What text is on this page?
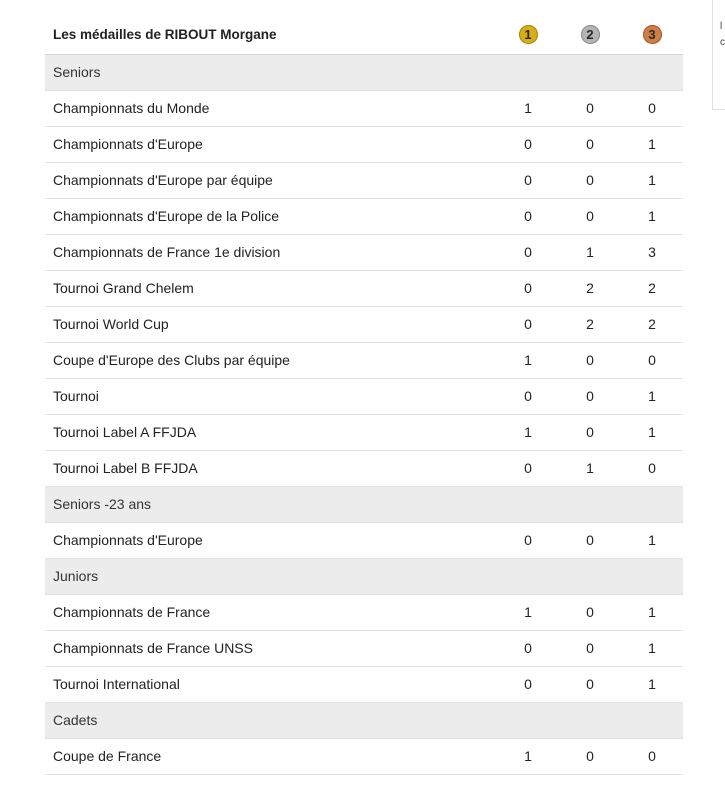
l
c
Les médailles de RIBOUT Morgane	1	2	3
Seniors			
Championnats du Monde	1	0	0
Championnats d'Europe	0	0	1
Championnats d'Europe par équipe	0	0	1
Championnats d'Europe de la Police	0	0	1
Championnats de France 1e division	0	1	3
Tournoi Grand Chelem	0	2	2
Tournoi World Cup	0	2	2
Coupe d'Europe des Clubs par équipe	1	0	0
Tournoi	0	0	1
Tournoi Label A FFJDA	1	0	1
Tournoi Label B FFJDA	0	1	0
Seniors -23 ans			
Championnats d'Europe	0	0	1
Juniors			
Championnats de France	1	0	1
Championnats de France UNSS	0	0	1
Tournoi International	0	0	1
Cadets			
Coupe de France	1	0	0
